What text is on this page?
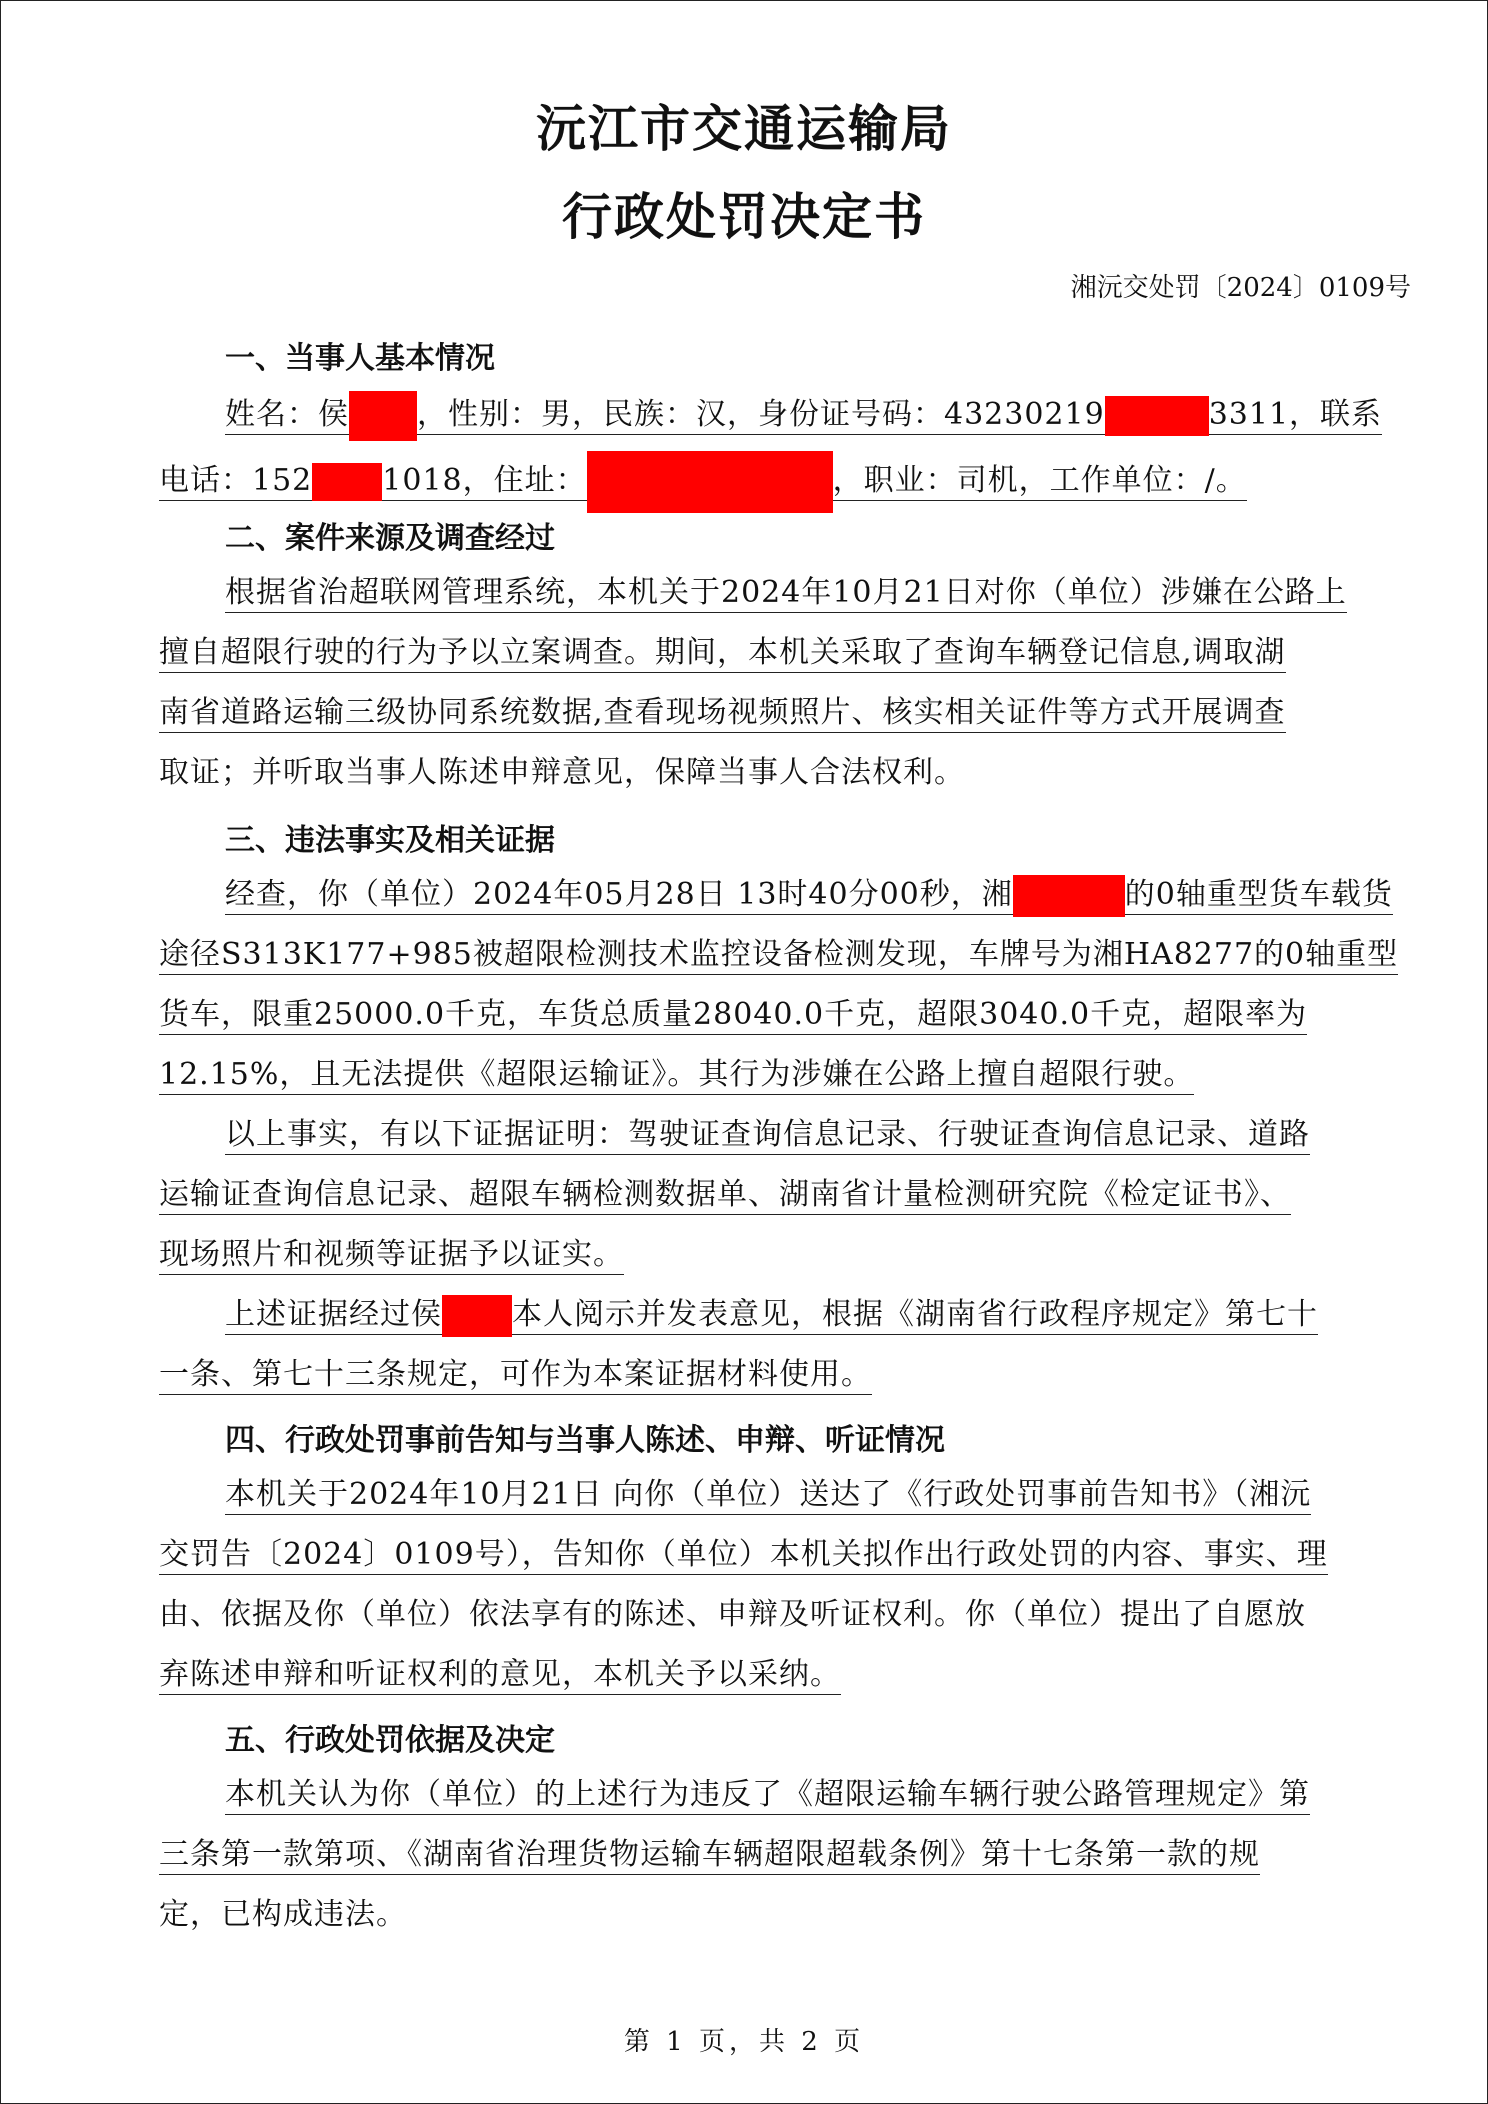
沅江市交通运输局
行政处罚决定书
湘沅交处罚〔2024〕0109号
一、当事人基本情况
姓名：侯 ，性别：男，民族：汉，身份证号码：43230219	3311，联系
电话：152 1018，住址：	，职业：司机，工作单位：/。
二、案件来源及调查经过
根据省治超联网管理系统，本机关于2024年10月21日对你（单位）涉嫌在公路上
擅自超限行驶的行为予以立案调查。期间，本机关采取了查询车辆登记信息,调取湖
南省道路运输三级协同系统数据,查看现场视频照片、核实相关证件等方式开展调查
取证；并听取当事人陈述申辩意见，保障当事人合法权利。
三、违法事实及相关证据
经查，你（单位）2024年05月28日 13时40分00秒，湘	的0轴重型货车载货
途径S313K177+985被超限检测技术监控设备检测发现，车牌号为湘HA8277的0轴重型
货车，限重25000.0千克，车货总质量28040.0千克，超限3040.0千克，超限率为
12.15%，且无法提供《超限运输证》。其行为涉嫌在公路上擅自超限行驶。
以上事实，有以下证据证明：驾驶证查询信息记录、行驶证查询信息记录、道路
运输证查询信息记录、超限车辆检测数据单、湖南省计量检测研究院《检定证书》、
现场照片和视频等证据予以证实。
上述证据经过侯 本人阅示并发表意见，根据《湖南省行政程序规定》第七十
一条、第七十三条规定，可作为本案证据材料使用。
四、行政处罚事前告知与当事人陈述、申辩、听证情况
本机关于2024年10月21日 向你（单位）送达了《行政处罚事前告知书》（湘沅
交罚告〔2024〕0109号），告知你（单位）本机关拟作出行政处罚的内容、事实、理
由、依据及你（单位）依法享有的陈述、申辩及听证权利。你（单位）提出了自愿放
弃陈述申辩和听证权利的意见，本机关予以采纳。
五、行政处罚依据及决定
本机关认为你（单位）的上述行为违反了《超限运输车辆行驶公路管理规定》第
三条第一款第项、《湖南省治理货物运输车辆超限超载条例》第十七条第一款的规
定，已构成违法。
第 1 页，共 2 页
